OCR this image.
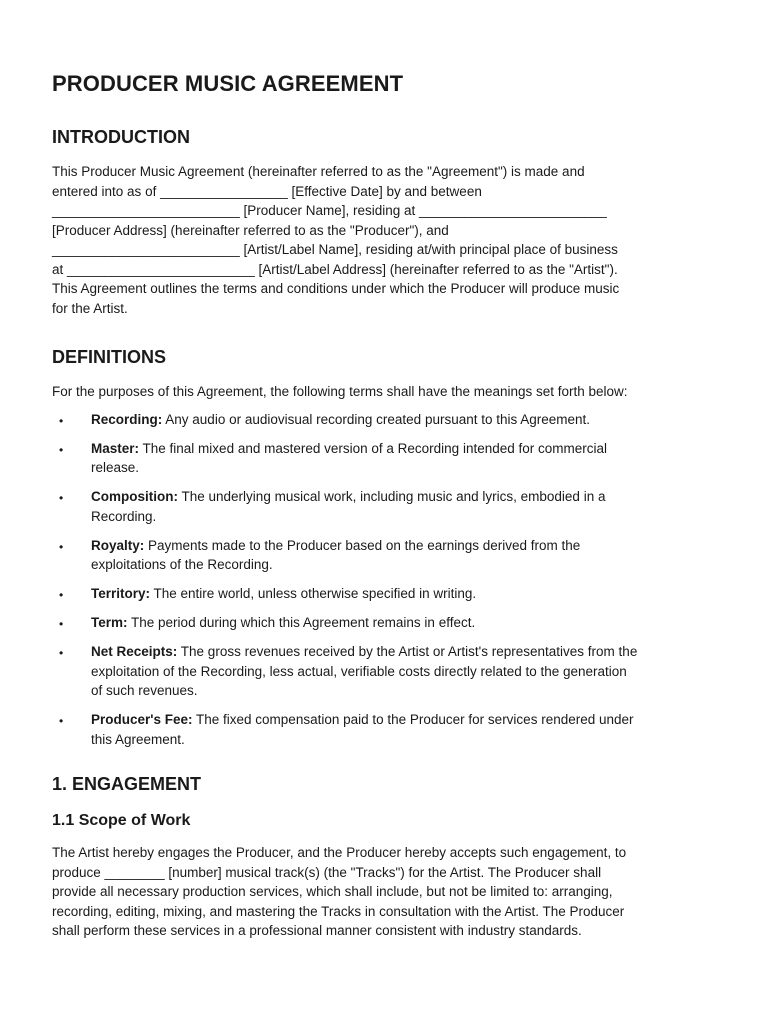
PRODUCER MUSIC AGREEMENT
INTRODUCTION

This Producer Music Agreement (hereinafter referred to as the "Agreement") is made and
entered into as of _________________ [Effective Date] by and between
_________________________ [Producer Name], residing at _________________________
[Producer Address] (hereinafter referred to as the "Producer"), and
_________________________ [Artist/Label Name], residing at/with principal place of business
at _________________________ [Artist/Label Address] (hereinafter referred to as the "Artist").
This Agreement outlines the terms and conditions under which the Producer will produce music
for the Artist.

DEFINITIONS

For the purposes of this Agreement, the following terms shall have the meanings set forth below:

• Recording: Any audio or audiovisual recording created pursuant to this Agreement.
• Master: The final mixed and mastered version of a Recording intended for commercial
release.
• Composition: The underlying musical work, including music and lyrics, embodied in a
Recording.
• Royalty: Payments made to the Producer based on the earnings derived from the
exploitations of the Recording.
• Territory: The entire world, unless otherwise specified in writing.
• Term: The period during which this Agreement remains in effect.
• Net Receipts: The gross revenues received by the Artist or Artist's representatives from the
exploitation of the Recording, less actual, verifiable costs directly related to the generation
of such revenues.
• Producer's Fee: The fixed compensation paid to the Producer for services rendered under
this Agreement.
1. ENGAGEMENT
1.1 Scope of Work

The Artist hereby engages the Producer, and the Producer hereby accepts such engagement, to
produce ________ [number] musical track(s) (the "Tracks") for the Artist. The Producer shall
provide all necessary production services, which shall include, but not be limited to: arranging,
recording, editing, mixing, and mastering the Tracks in consultation with the Artist. The Producer
shall perform these services in a professional manner consistent with industry standards.
